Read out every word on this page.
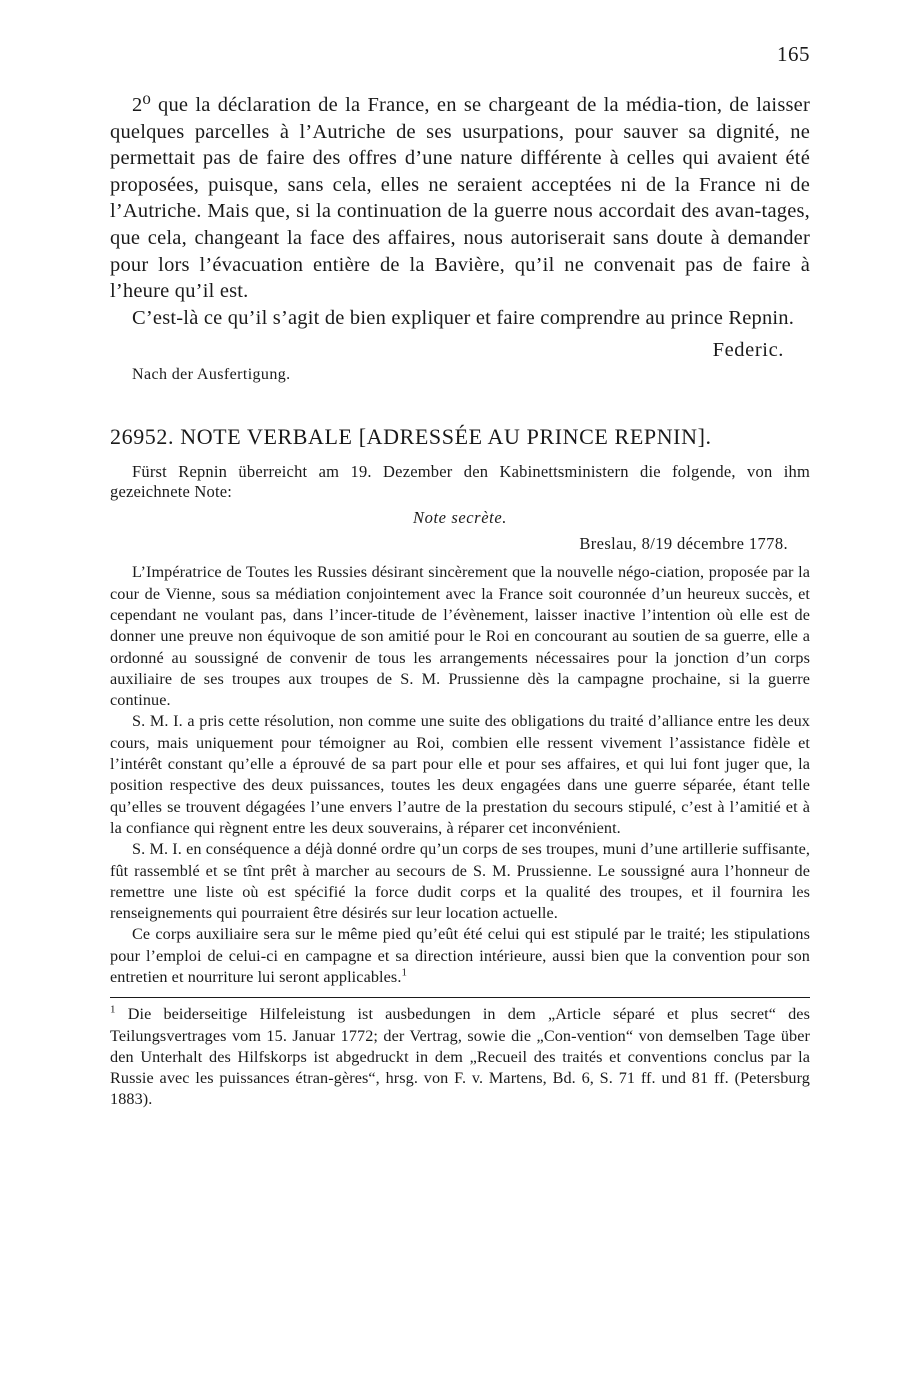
165

2⁰ que la déclaration de la France, en se chargeant de la média-tion, de laisser quelques parcelles à l’Autriche de ses usurpations, pour sauver sa dignité, ne permettait pas de faire des offres d’une nature différente à celles qui avaient été proposées, puisque, sans cela, elles ne seraient acceptées ni de la France ni de l’Autriche. Mais que, si la continuation de la guerre nous accordait des avan-tages, que cela, changeant la face des affaires, nous autoriserait sans doute à demander pour lors l’évacuation entière de la Bavière, qu’il ne convenait pas de faire à l’heure qu’il est.

C’est-là ce qu’il s’agit de bien expliquer et faire comprendre au prince Repnin.

Federic.
Nach der Ausfertigung.
26952. NOTE VERBALE [ADRESSÉE AU PRINCE REPNIN].

Fürst Repnin überreicht am 19. Dezember den Kabinettsministern die folgende, von ihm gezeichnete Note:

Note secrète.
Breslau, 8/19 décembre 1778.

L’Impératrice de Toutes les Russies désirant sincèrement que la nouvelle négo-ciation, proposée par la cour de Vienne, sous sa médiation conjointement avec la France soit couronnée d’un heureux succès, et cependant ne voulant pas, dans l’incer-titude de l’évènement, laisser inactive l’intention où elle est de donner une preuve non équivoque de son amitié pour le Roi en concourant au soutien de sa guerre, elle a ordonné au soussigné de convenir de tous les arrangements nécessaires pour la jonction d’un corps auxiliaire de ses troupes aux troupes de S. M. Prussienne dès la campagne prochaine, si la guerre continue.

S. M. I. a pris cette résolution, non comme une suite des obligations du traité d’alliance entre les deux cours, mais uniquement pour témoigner au Roi, combien elle ressent vivement l’assistance fidèle et l’intérêt constant qu’elle a éprouvé de sa part pour elle et pour ses affaires, et qui lui font juger que, la position respective des deux puissances, toutes les deux engagées dans une guerre séparée, étant telle qu’elles se trouvent dégagées l’une envers l’autre de la prestation du secours stipulé, c’est à l’amitié et à la confiance qui règnent entre les deux souverains, à réparer cet inconvénient.

S. M. I. en conséquence a déjà donné ordre qu’un corps de ses troupes, muni d’une artillerie suffisante, fût rassemblé et se tînt prêt à marcher au secours de S. M. Prussienne. Le soussigné aura l’honneur de remettre une liste où est spécifié la force dudit corps et la qualité des troupes, et il fournira les renseignements qui pourraient être désirés sur leur location actuelle.

Ce corps auxiliaire sera sur le même pied qu’eût été celui qui est stipulé par le traité; les stipulations pour l’emploi de celui-ci en campagne et sa direction intérieure, aussi bien que la convention pour son entretien et nourriture lui seront applicables.$^1$

$^1$ Die beiderseitige Hilfeleistung ist ausbedungen in dem „Article séparé et plus secret“ des Teilungsvertrages vom 15. Januar 1772; der Vertrag, sowie die „Con-vention“ von demselben Tage über den Unterhalt des Hilfskorps ist abgedruckt in dem „Recueil des traités et conventions conclus par la Russie avec les puissances étran-gères“, hrsg. von F. v. Martens, Bd. 6, S. 71 ff. und 81 ff. (Petersburg 1883).
